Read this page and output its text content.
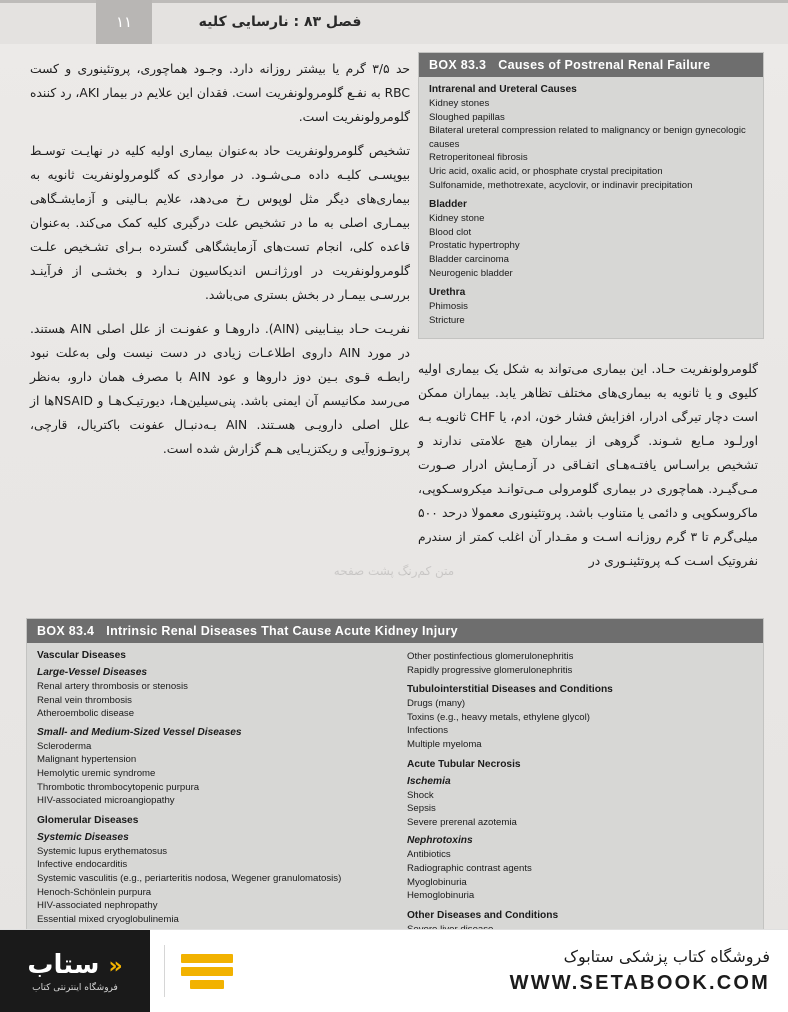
۱۱	فصل ۸۳ : نارسایی کلیه

حد ۳/۵ گرم یا بیشتر روزانه دارد. وجـود هماچوری، پروتئینوری و کست RBC به نفـع گلومرولونفریت است. فقدان این علایم در بیمار AKI، رد کننده گلومرولونفریت است.

تشخیص گلومرولونفریت حاد به‌عنوان بیماری اولیه کلیه در نهایـت توسـط بیوپسـی کلیـه داده مـی‌شـود. در مواردی که گلومرولونفریت ثانویه به بیماری‌های دیگر مثل لوپوس رخ می‌دهد، علایم بـالینی و آزمایشـگاهی بیمـاری اصلی به ما در تشخیص علت درگیری کلیه کمک می‌کند. به‌عنوان قاعده کلی، انجام تست‌های آزمایشگاهی گسترده بـرای تشـخیص علـت گلومرولونفریت در اورژانـس اندیکاسیون نـدارد و بخشـی از فرآینـد بررسـی بیمـار در بخش بستری می‌باشد.

نفریـت حـاد بینـابینی (AIN). داروهـا و عفونـت از علل اصلی AIN هستند. در مورد AIN داروی اطلاعـات زیادی در دست نیست ولی به‌علت نبود رابطـه قـوی بـین دوز داروها و عود AIN با مصرف همان دارو، به‌نظر می‌رسد مکانیسم آن ایمنی باشد. پنی‌سیلین‌هـا، دیورتیـک‌هـا و NSAIDها از علل اصلی دارویـی هسـتند. AIN بـه‌دنبـال عفونت باکتریال، قارچی، پروتـوزوآیی و ریکتزیـایی هـم گزارش شده است.

گلومرولونفریت حـاد. این بیماری می‌تواند به شکل یک بیماری اولیه کلیوی و یا ثانویه به بیماری‌های مختلف تظاهر یابد. بیماران ممکن است دچار تیرگی ادرار، افزایش فشار خون، ادم، یا CHF ثانویـه بـه اورلـود مـایع شـوند. گروهی از بیماران هیچ علامتی ندارند و تشخیص براسـاس یافتـه‌هـای اتفـاقی در آزمـایش ادرار صـورت مـی‌گیـرد. هماچوری در بیماری گلومرولی مـی‌توانـد میکروسـکوپی، ماکروسکوپی و دائمی یا متناوب باشد. پروتئینوری معمولا درحد ۵۰۰ میلی‌گرم تا ۳ گرم روزانـه اسـت و مقـدار آن اغلب کمتر از سندرم نفروتیک اسـت کـه پروتئینـوری در

BOX 83.3 Causes of Postrenal Renal Failure
Intrarenal and Ureteral Causes

Kidney stones

Sloughed papillas

Bilateral ureteral compression related to malignancy or benign gynecologic causes

Retroperitoneal fibrosis

Uric acid, oxalic acid, or phosphate crystal precipitation

Sulfonamide, methotrexate, acyclovir, or indinavir precipitation

Bladder

Kidney stone

Blood clot

Prostatic hypertrophy

Bladder carcinoma

Neurogenic bladder

Urethra

Phimosis

Stricture

متن کم‌رنگ پشت صفحه
BOX 83.4 Intrinsic Renal Diseases That Cause Acute Kidney Injury
Vascular Diseases
Large-Vessel Diseases

Renal artery thrombosis or stenosis

Renal vein thrombosis

Atheroembolic disease

Small- and Medium-Sized Vessel Diseases

Scleroderma

Malignant hypertension

Hemolytic uremic syndrome

Thrombotic thrombocytopenic purpura

HIV-associated microangiopathy

Glomerular Diseases
Systemic Diseases

Systemic lupus erythematosus

Infective endocarditis

Systemic vasculitis (e.g., periarteritis nodosa, Wegener granulomatosis)

Henoch-Schönlein purpura

HIV-associated nephropathy

Essential mixed cryoglobulinemia

Other postinfectious glomerulonephritis

Rapidly progressive glomerulonephritis

Tubulointerstitial Diseases and Conditions

Drugs (many)

Toxins (e.g., heavy metals, ethylene glycol)

Infections

Multiple myeloma

Acute Tubular Necrosis
Ischemia

Shock

Sepsis

Severe prerenal azotemia

Nephrotoxins

Antibiotics

Radiographic contrast agents

Myoglobinuria

Hemoglobinuria

Other Diseases and Conditions

« ستاب
فروشگاه اینترنتی کتاب
فروشگاه کتاب پزشکی ستابوک
WWW.SETABOOK.COM
